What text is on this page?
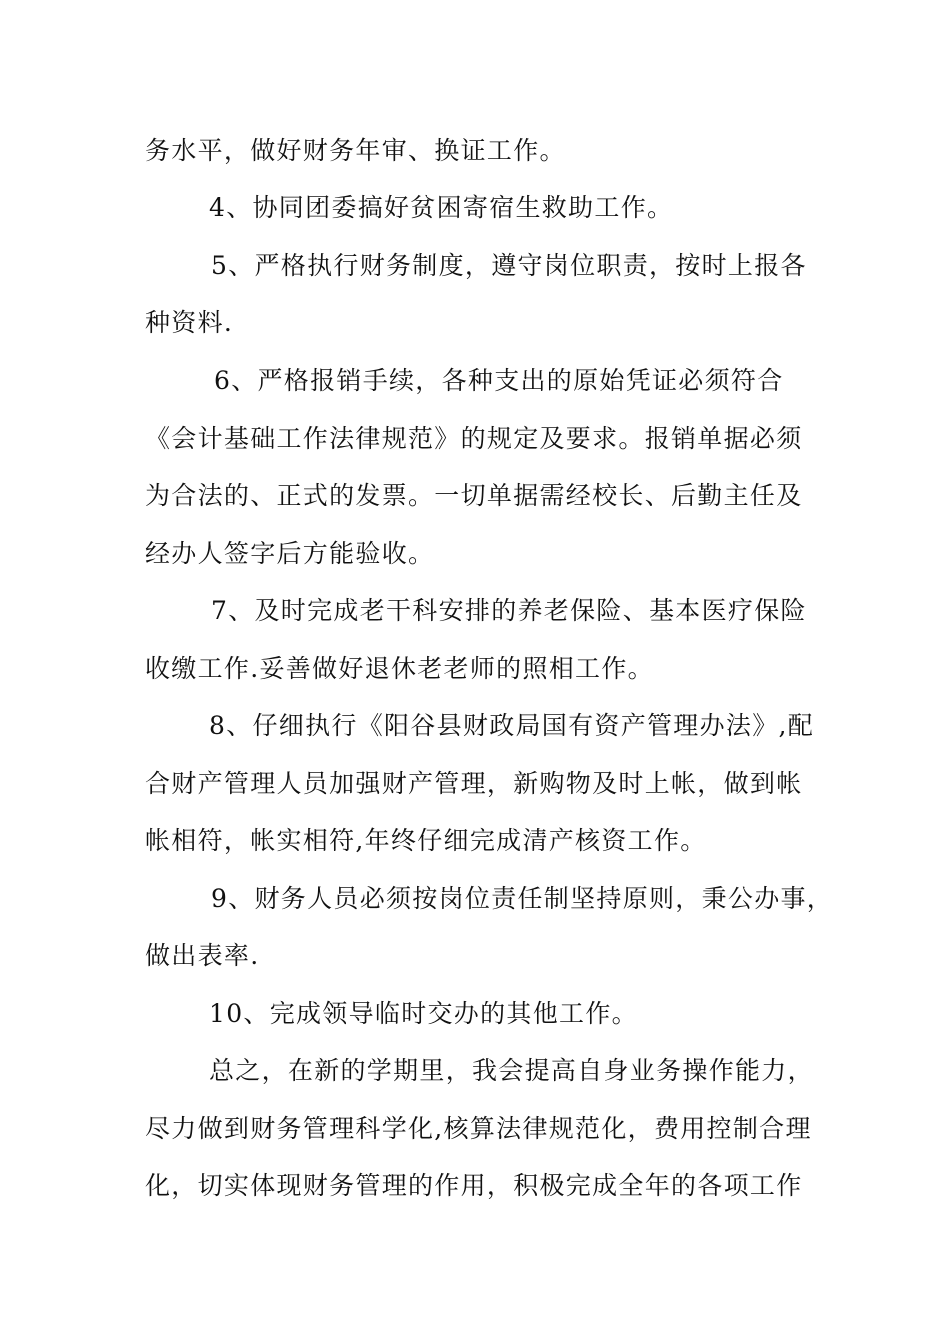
务水平，做好财务年审、换证工作。
4、协同团委搞好贫困寄宿生救助工作。
5、严格执行财务制度，遵守岗位职责，按时上报各
种资料.
6、严格报销手续，各种支出的原始凭证必须符合
《会计基础工作法律规范》的规定及要求。报销单据必须
为合法的、正式的发票。一切单据需经校长、后勤主任及
经办人签字后方能验收。
7、及时完成老干科安排的养老保险、基本医疗保险
收缴工作.妥善做好退休老老师的照相工作。
8、仔细执行《阳谷县财政局国有资产管理办法》,配
合财产管理人员加强财产管理，新购物及时上帐，做到帐
帐相符，帐实相符,年终仔细完成清产核资工作。
9、财务人员必须按岗位责任制坚持原则，秉公办事，
做出表率.
10、完成领导临时交办的其他工作。
总之，在新的学期里，我会提高自身业务操作能力，
尽力做到财务管理科学化,核算法律规范化，费用控制合理
化，切实体现财务管理的作用，积极完成全年的各项工作
